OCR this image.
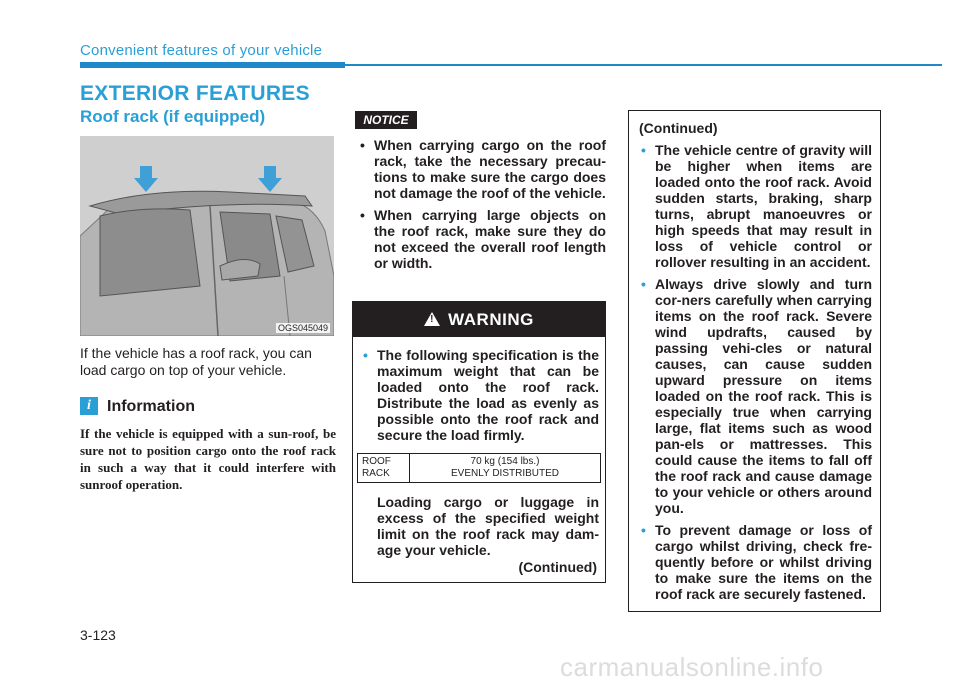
Convenient features of your vehicle
EXTERIOR FEATURES
Roof rack (if equipped)
OGS045049
If the vehicle has a roof rack, you can load cargo on top of your vehicle.
i	Information
If the vehicle is equipped with a sun-roof, be sure not to position cargo onto the roof rack in such a way that it could interfere with sunroof operation.
NOTICE
• When carrying cargo on the roof rack, take the necessary precau-tions to make sure the cargo does not damage the roof of the vehicle.
• When carrying large objects on the roof rack, make sure they do not exceed the overall roof length or width.
!WARNING
• The following specification is the maximum weight that can be loaded onto the roof rack. Distribute the load as evenly as possible onto the roof rack and secure the load firmly.
ROOF
RACK
70 kg (154 lbs.)
EVENLY DISTRIBUTED
Loading cargo or luggage in excess of the specified weight limit on the roof rack may dam-age your vehicle.
(Continued)
(Continued)
• The vehicle centre of gravity will be higher when items are loaded onto the roof rack. Avoid sudden starts, braking, sharp turns, abrupt manoeuvres or high speeds that may result in loss of vehicle control or rollover resulting in an accident.
• Always drive slowly and turn cor-ners carefully when carrying items on the roof rack. Severe wind updrafts, caused by passing vehi-cles or natural causes, can cause sudden upward pressure on items loaded on the roof rack. This is especially true when carrying large, flat items such as wood pan-els or mattresses. This could cause the items to fall off the roof rack and cause damage to your vehicle or others around you.
• To prevent damage or loss of cargo whilst driving, check fre-quently before or whilst driving to make sure the items on the roof rack are securely fastened.
3-123
carmanualsonline.info
